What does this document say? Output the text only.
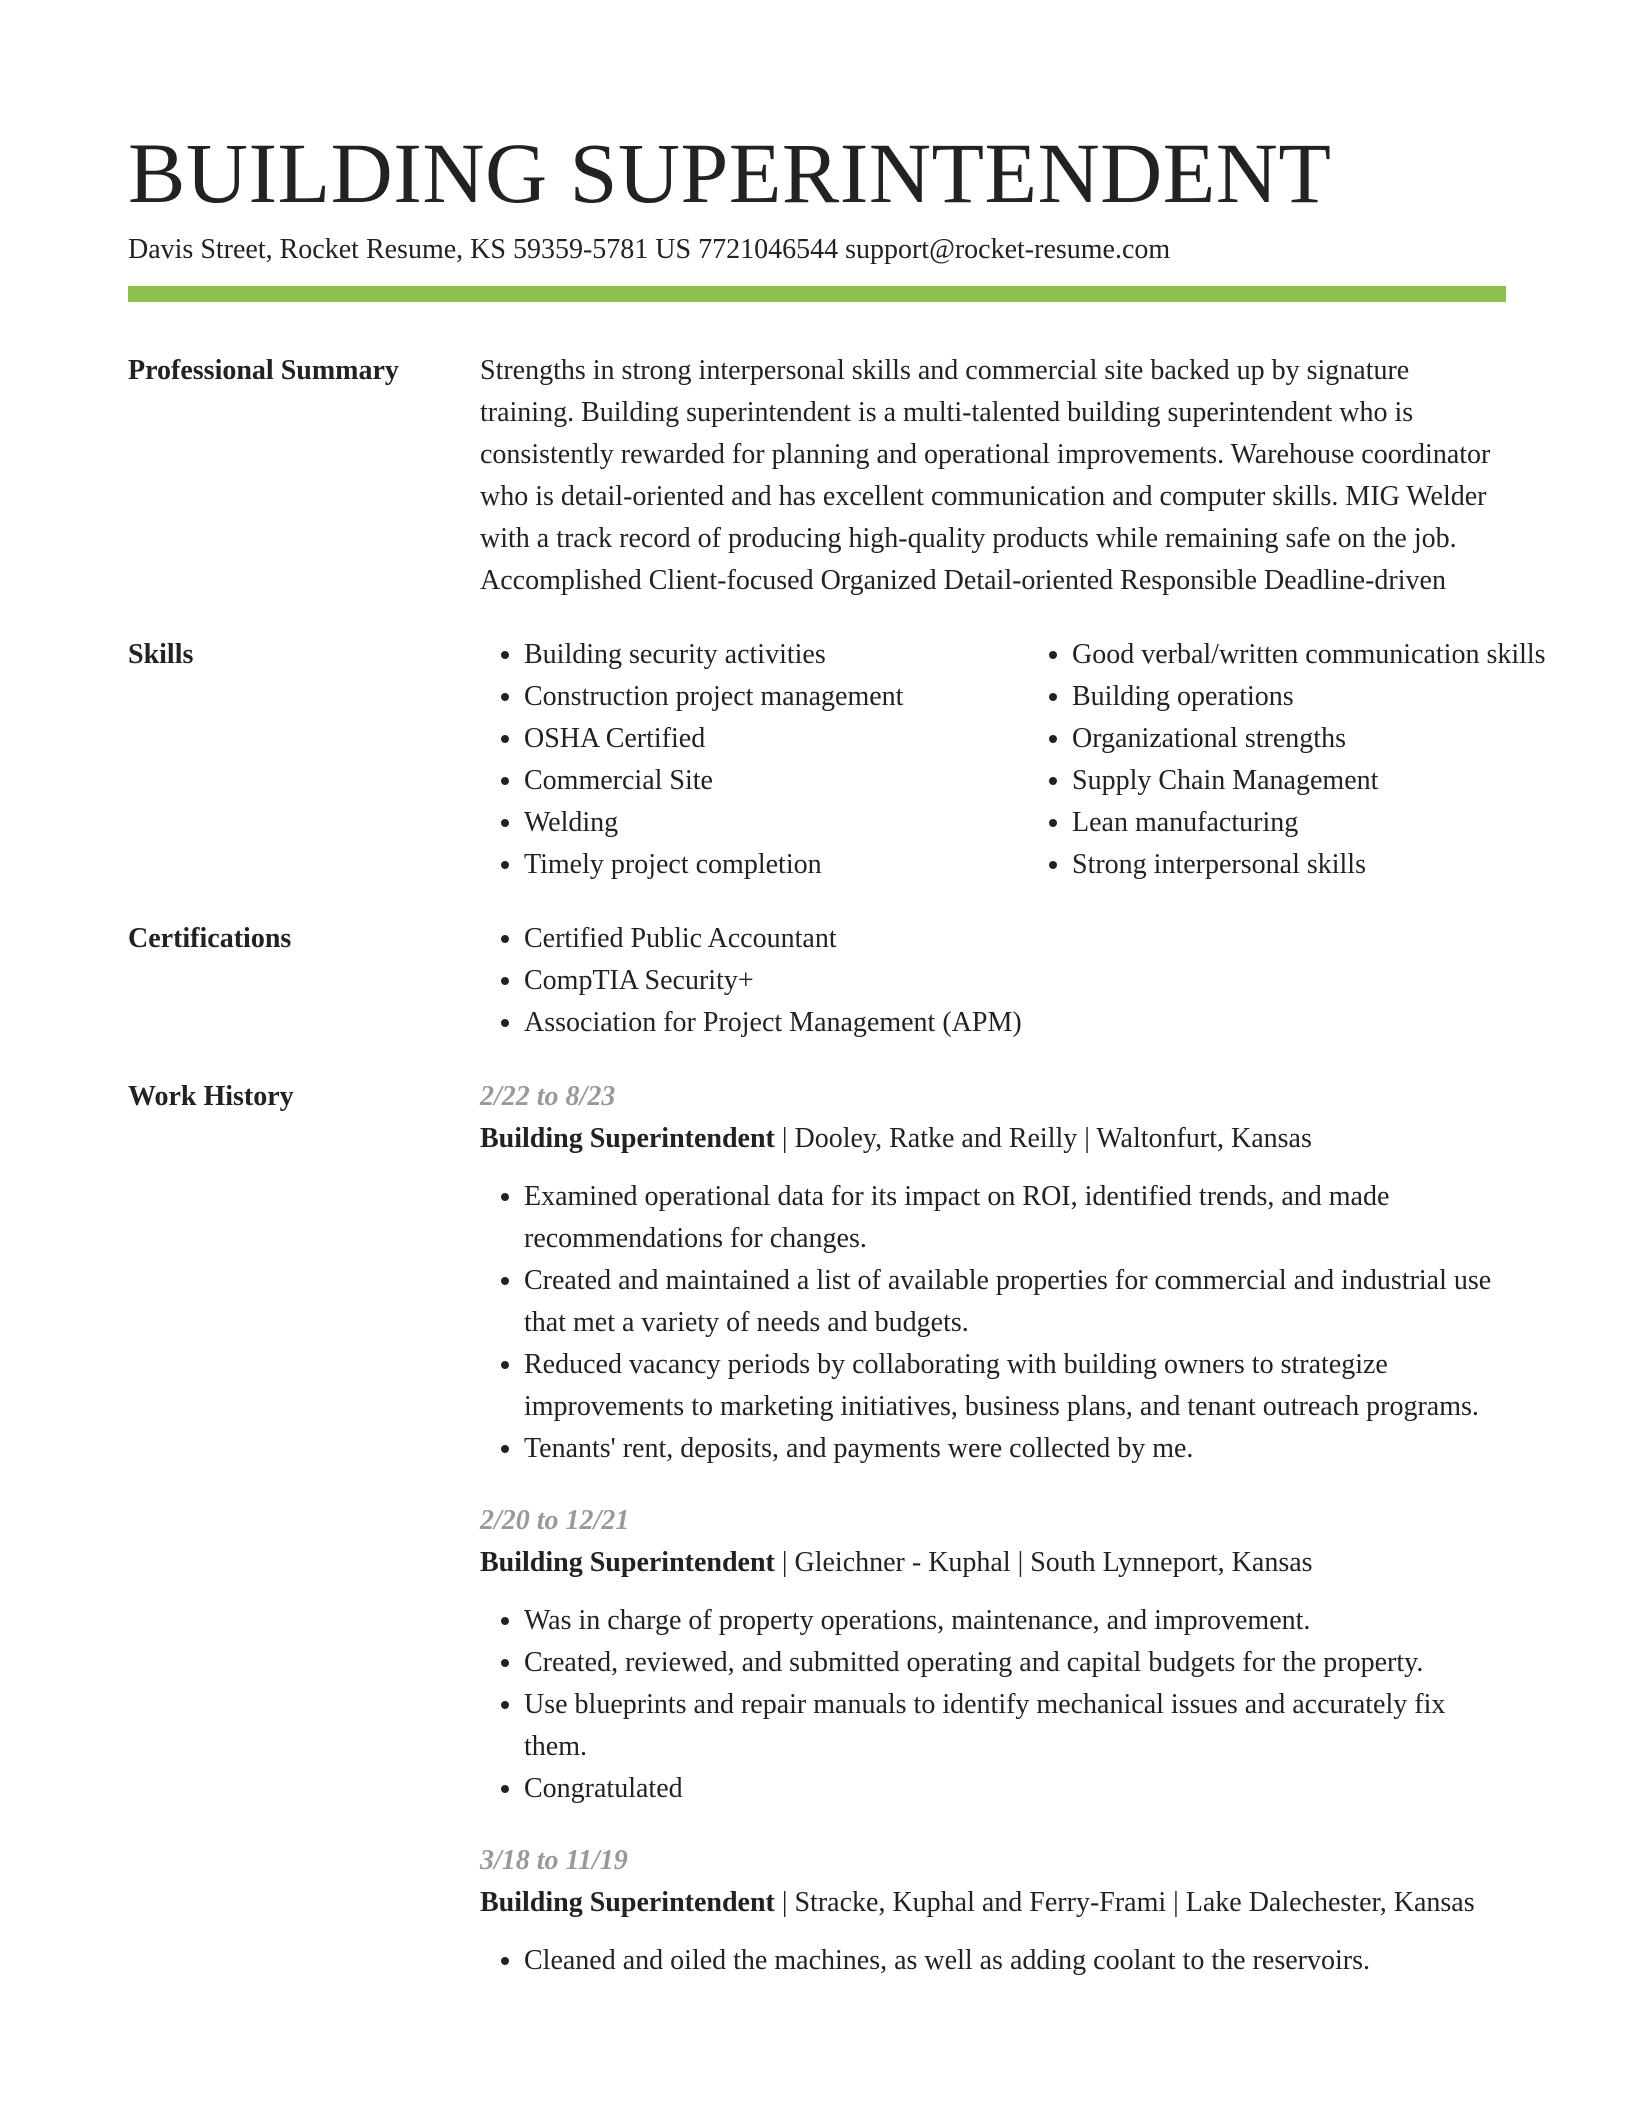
BUILDING SUPERINTENDENT
Davis Street, Rocket Resume, KS 59359-5781 US 7721046544 support@rocket-resume.com
Professional Summary	Strengths in strong interpersonal skills and commercial site backed up by signature training. Building superintendent is a multi-talented building superintendent who is consistently rewarded for planning and operational improvements. Warehouse coordinator who is detail-oriented and has excellent communication and computer skills. MIG Welder with a track record of producing high-quality products while remaining safe on the job. Accomplished Client-focused Organized Detail-oriented Responsible Deadline-driven

Skills	• Building security activities
• Construction project management
• OSHA Certified
• Commercial Site
• Welding
• Timely project completion
• Good verbal/written communication skills
• Building operations
• Organizational strengths
• Supply Chain Management
• Lean manufacturing
• Strong interpersonal skills
Certifications	• Certified Public Accountant
• CompTIA Security+
• Association for Project Management (APM)
Work History	2/22 to 8/23

Building Superintendent | Dooley, Ratke and Reilly | Waltonfurt, Kansas

• Examined operational data for its impact on ROI, identified trends, and made recommendations for changes.
• Created and maintained a list of available properties for commercial and industrial use that met a variety of needs and budgets.
• Reduced vacancy periods by collaborating with building owners to strategize improvements to marketing initiatives, business plans, and tenant outreach programs.
• Tenants' rent, deposits, and payments were collected by me.

2/20 to 12/21

Building Superintendent | Gleichner - Kuphal | South Lynneport, Kansas

• Was in charge of property operations, maintenance, and improvement.
• Created, reviewed, and submitted operating and capital budgets for the property.
• Use blueprints and repair manuals to identify mechanical issues and accurately fix them.
• Congratulated

3/18 to 11/19

Building Superintendent | Stracke, Kuphal and Ferry-Frami | Lake Dalechester, Kansas

• Cleaned and oiled the machines, as well as adding coolant to the reservoirs.
